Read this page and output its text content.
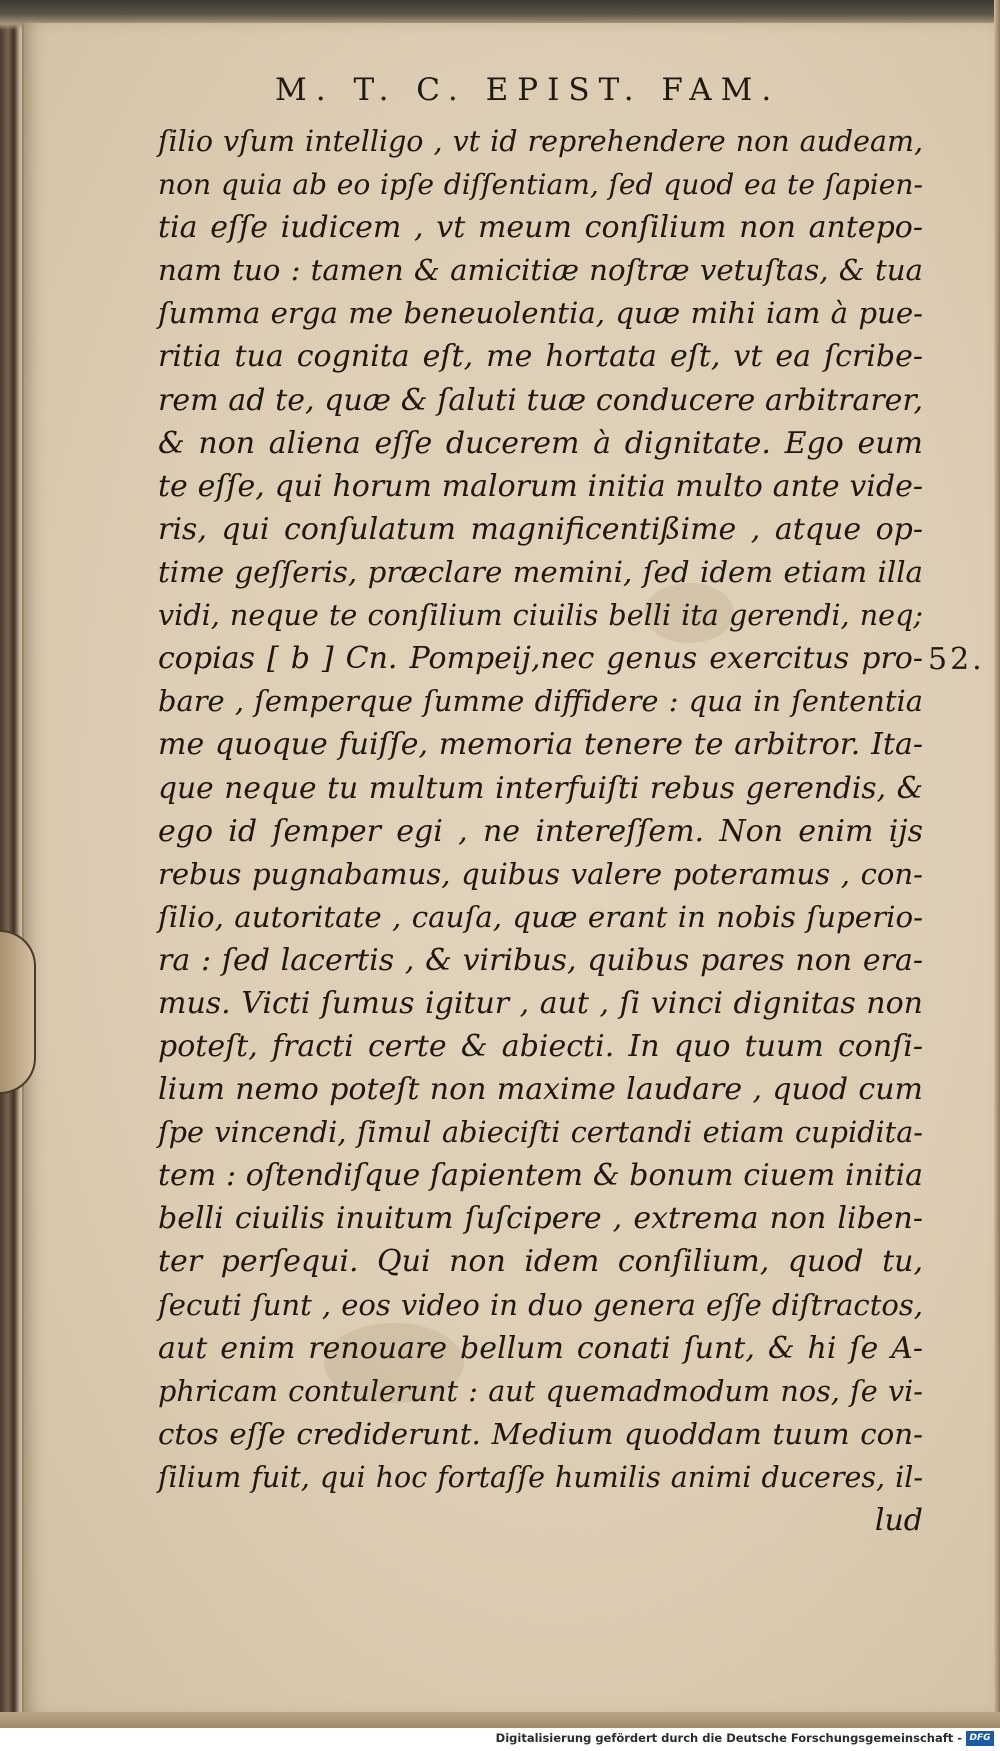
M. T. C. EPIST. FAM.
ſilio vſum intelligo , vt id reprehendere non audeam,
non quia ab eo ipſe diſſentiam, ſed quod ea te ſapien-
tia eſſe iudicem , vt meum conſilium non antepo-
nam tuo : tamen & amicitiæ noſtræ vetuſtas, & tua
ſumma erga me beneuolentia, quæ mihi iam à pue-
ritia tua cognita eſt, me hortata eſt, vt ea ſcribe-
rem ad te, quæ & ſaluti tuæ conducere arbitrarer,
& non aliena eſſe ducerem à dignitate. Ego eum
te eſſe, qui horum malorum initia multo ante vide-
ris, qui conſulatum magnificentißime , atque op-
time geſſeris, præclare memini, ſed idem etiam illa
vidi, neque te conſilium ciuilis belli ita gerendi, neq;
copias [ b ] Cn. Pompeij,nec genus exercitus pro-
bare , ſemperque ſumme diffidere : qua in ſententia
me quoque fuiſſe, memoria tenere te arbitror. Ita-
que neque tu multum interfuiſti rebus gerendis, &
ego id ſemper egi , ne intereſſem. Non enim ijs
rebus pugnabamus, quibus valere poteramus , con-
ſilio, autoritate , cauſa, quæ erant in nobis ſuperio-
ra : ſed lacertis , & viribus, quibus pares non era-
mus. Victi ſumus igitur , aut , ſi vinci dignitas non
poteſt, fracti certe & abiecti. In quo tuum conſi-
lium nemo poteſt non maxime laudare , quod cum
ſpe vincendi, ſimul abieciſti certandi etiam cupidita-
tem : oſtendiſque ſapientem & bonum ciuem initia
belli ciuilis inuitum ſuſcipere , extrema non liben-
ter perſequi. Qui non idem conſilium, quod tu,
ſecuti ſunt , eos video in duo genera eſſe diſtractos,
aut enim renouare bellum conati ſunt, & hi ſe A-
phricam contulerunt : aut quemadmodum nos, ſe vi-
ctos eſſe crediderunt. Medium quoddam tuum con-
ſilium fuit, qui hoc fortaſſe humilis animi duceres, il-
lud
52.
Digitalisierung gefördert durch die Deutsche Forschungsgemeinschaft - DFG
